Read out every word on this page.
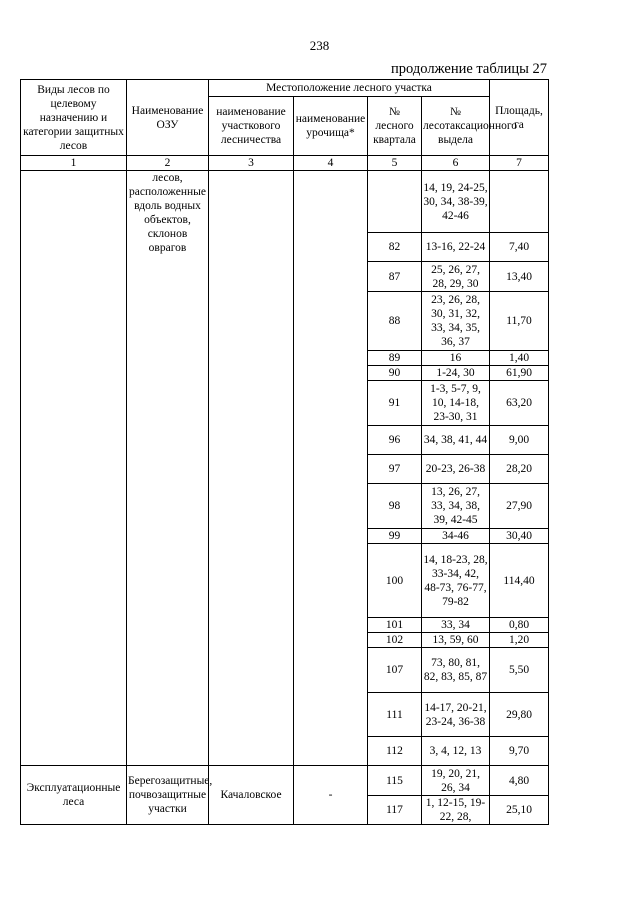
238
продолжение таблицы 27
Виды лесов по целевому назначению и категории защитных лесов	Наименование ОЗУ	Местоположение лесного участка				Площадь, га
		наименование участкового лесничества	наименование урочища*	№ лесного квартала	№ лесотаксационного выдела	
1	2	3	4	5	6	7
	лесов, расположенные вдоль водных объектов, склонов оврагов				14, 19, 24-25, 30, 34, 38-39, 42-46	
				82	13-16, 22-24	7,40
				87	25, 26, 27, 28, 29, 30	13,40
				88	23, 26, 28, 30, 31, 32, 33, 34, 35, 36, 37	11,70
				89	16	1,40
				90	1-24, 30	61,90
				91	1-3, 5-7, 9, 10, 14-18, 23-30, 31	63,20
				96	34, 38, 41, 44	9,00
				97	20-23, 26-38	28,20
				98	13, 26, 27, 33, 34, 38, 39, 42-45	27,90
				99	34-46	30,40
				100	14, 18-23, 28, 33-34, 42, 48-73, 76-77, 79-82	114,40
				101	33, 34	0,80
				102	13, 59, 60	1,20
				107	73, 80, 81, 82, 83, 85, 87	5,50
				111	14-17, 20-21, 23-24, 36-38	29,80
				112	3, 4, 12, 13	9,70
Эксплуатационные леса	Берегозащитные, почвозащитные участки	Качаловское	-	115	19, 20, 21, 26, 34	4,80
				117	1, 12-15, 19-22, 28,	25,10
